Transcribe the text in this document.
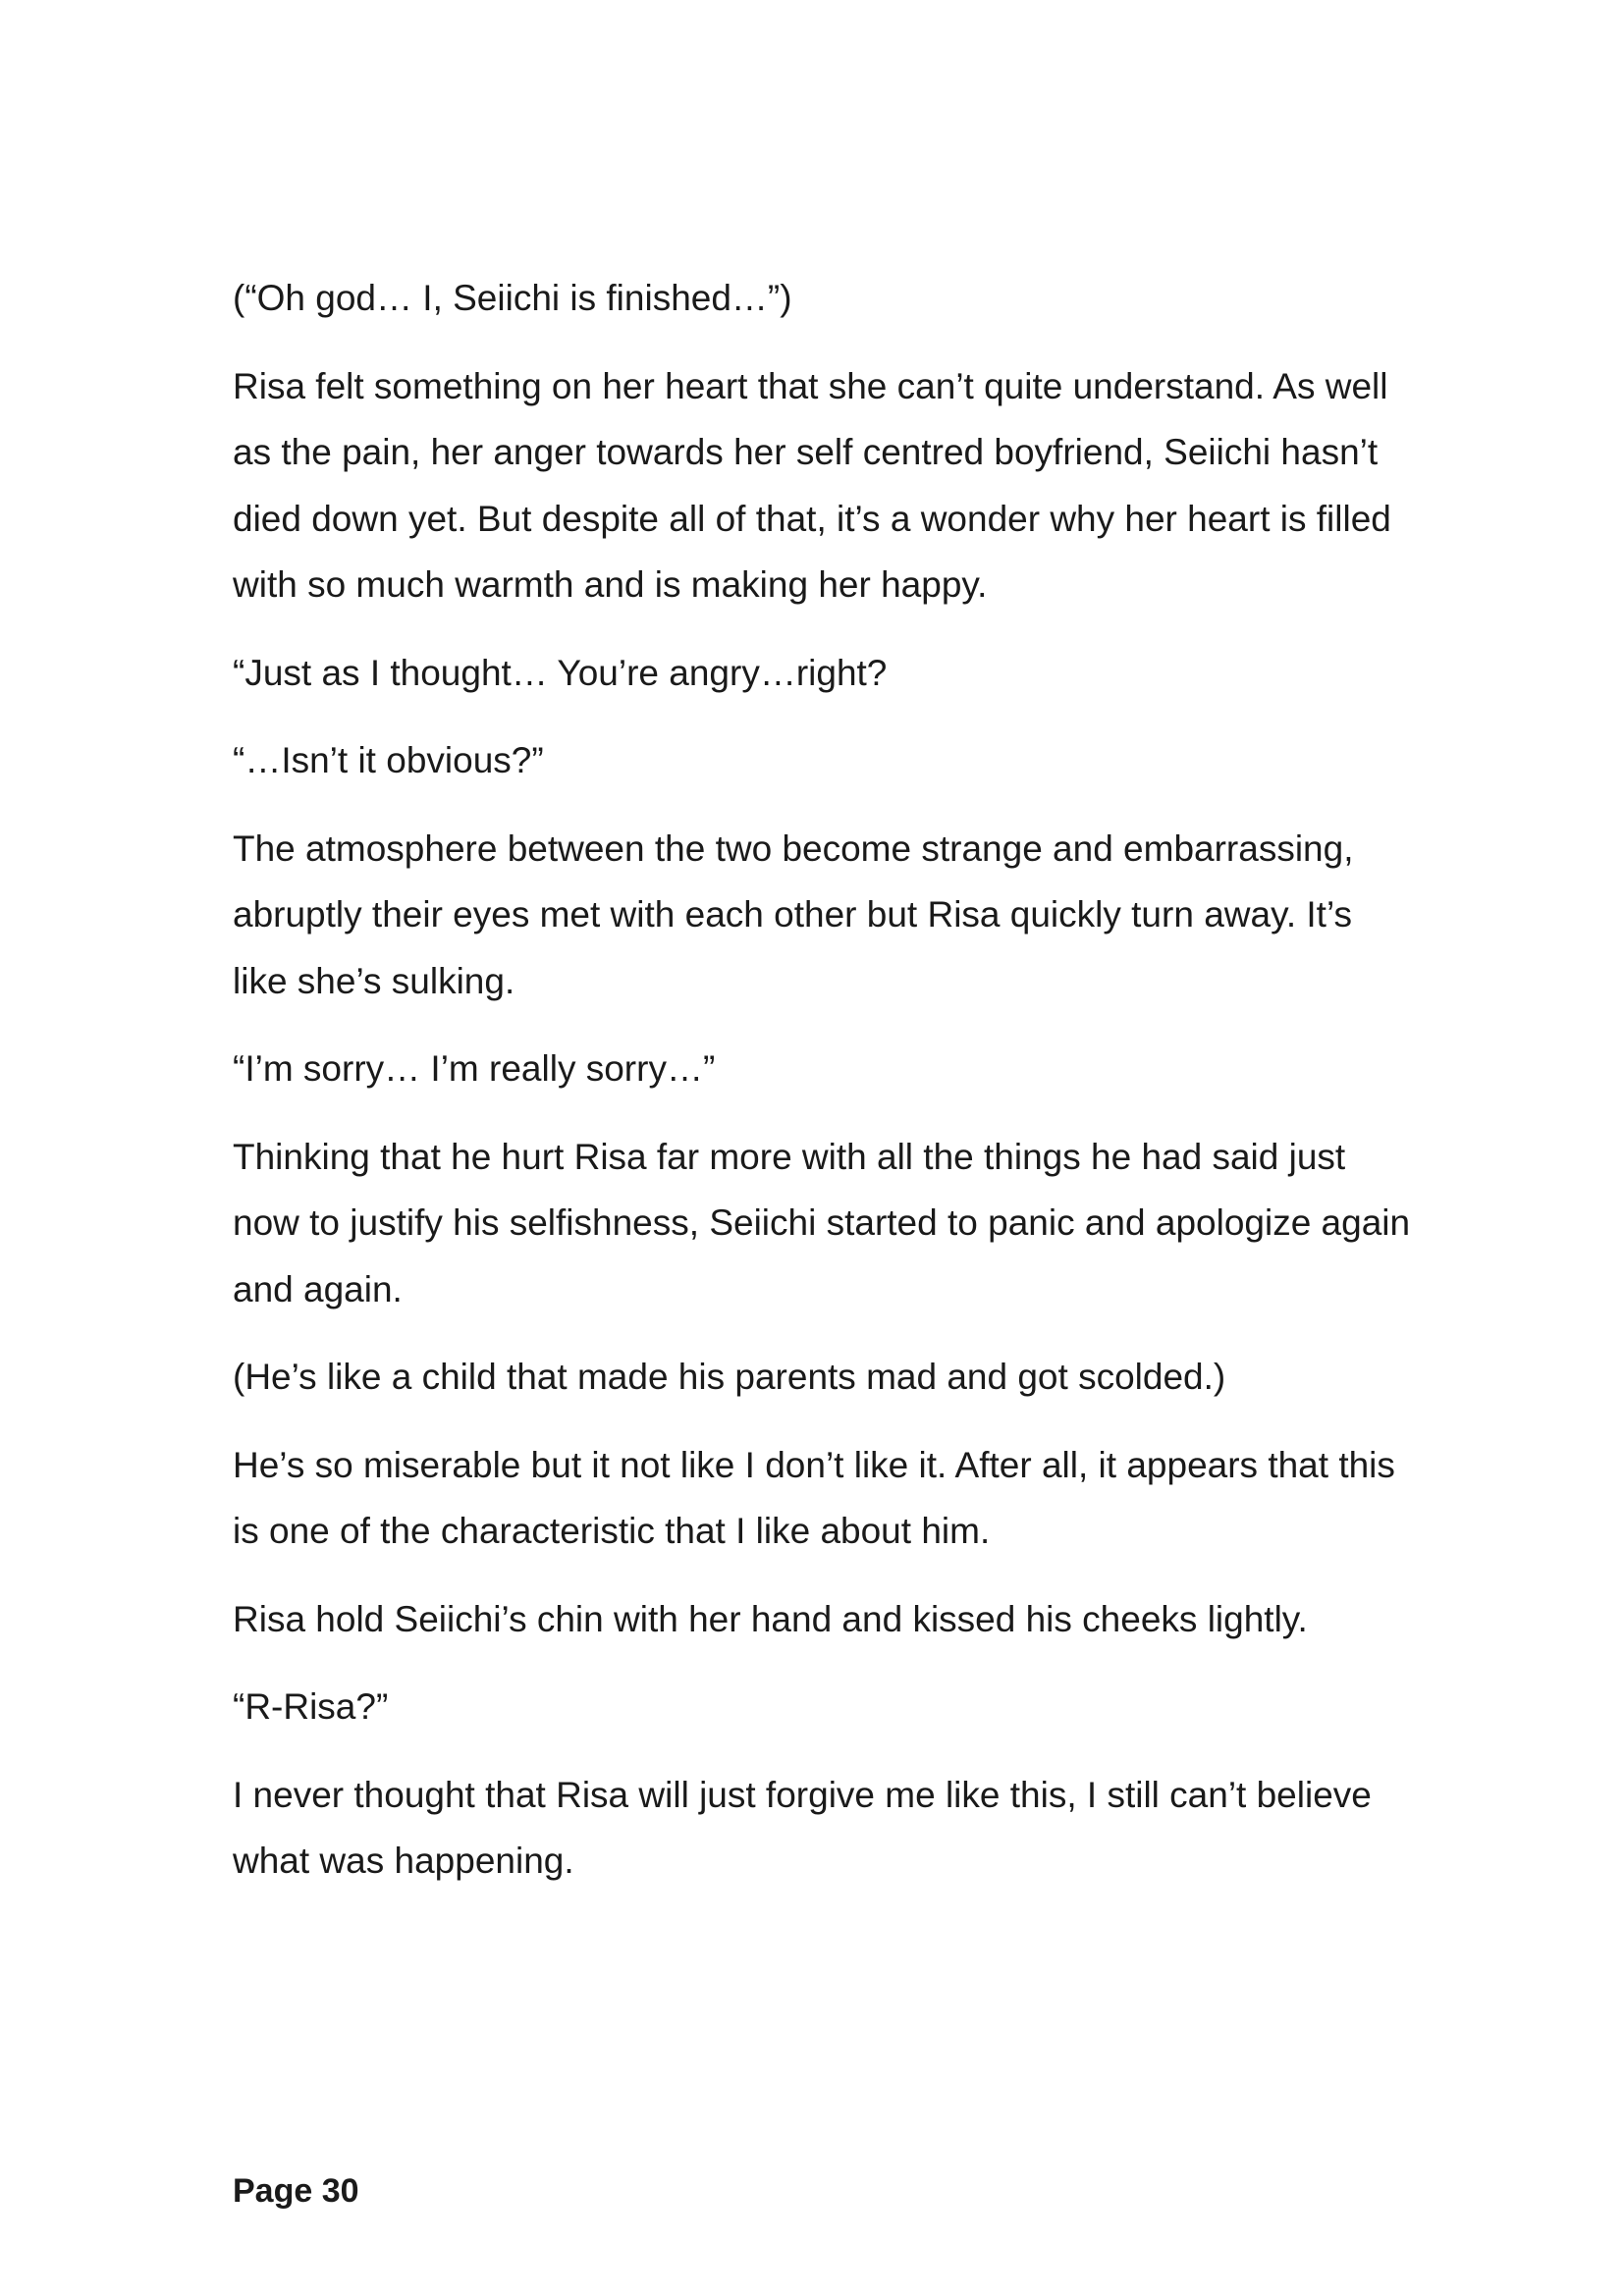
(“Oh god… I, Seiichi is finished…”)

Risa felt something on her heart that she can’t quite understand. As well as the pain, her anger towards her self centred boyfriend, Seiichi hasn’t died down yet. But despite all of that, it’s a wonder why her heart is filled with so much warmth and is making her happy.

“Just as I thought… You’re angry…right?

“…Isn’t it obvious?”

The atmosphere between the two become strange and embarrassing, abruptly their eyes met with each other but Risa quickly turn away. It’s like she’s sulking.

“I’m sorry… I’m really sorry…”

Thinking that he hurt Risa far more with all the things he had said just now to justify his selfishness, Seiichi started to panic and apologize again and again.

(He’s like a child that made his parents mad and got scolded.)

He’s so miserable but it not like I don’t like it. After all, it appears that this is one of the characteristic that I like about him.

Risa hold Seiichi’s chin with her hand and kissed his cheeks lightly.

“R-Risa?”

I never thought that Risa will just forgive me like this, I still can’t believe what was happening.

Page 30
